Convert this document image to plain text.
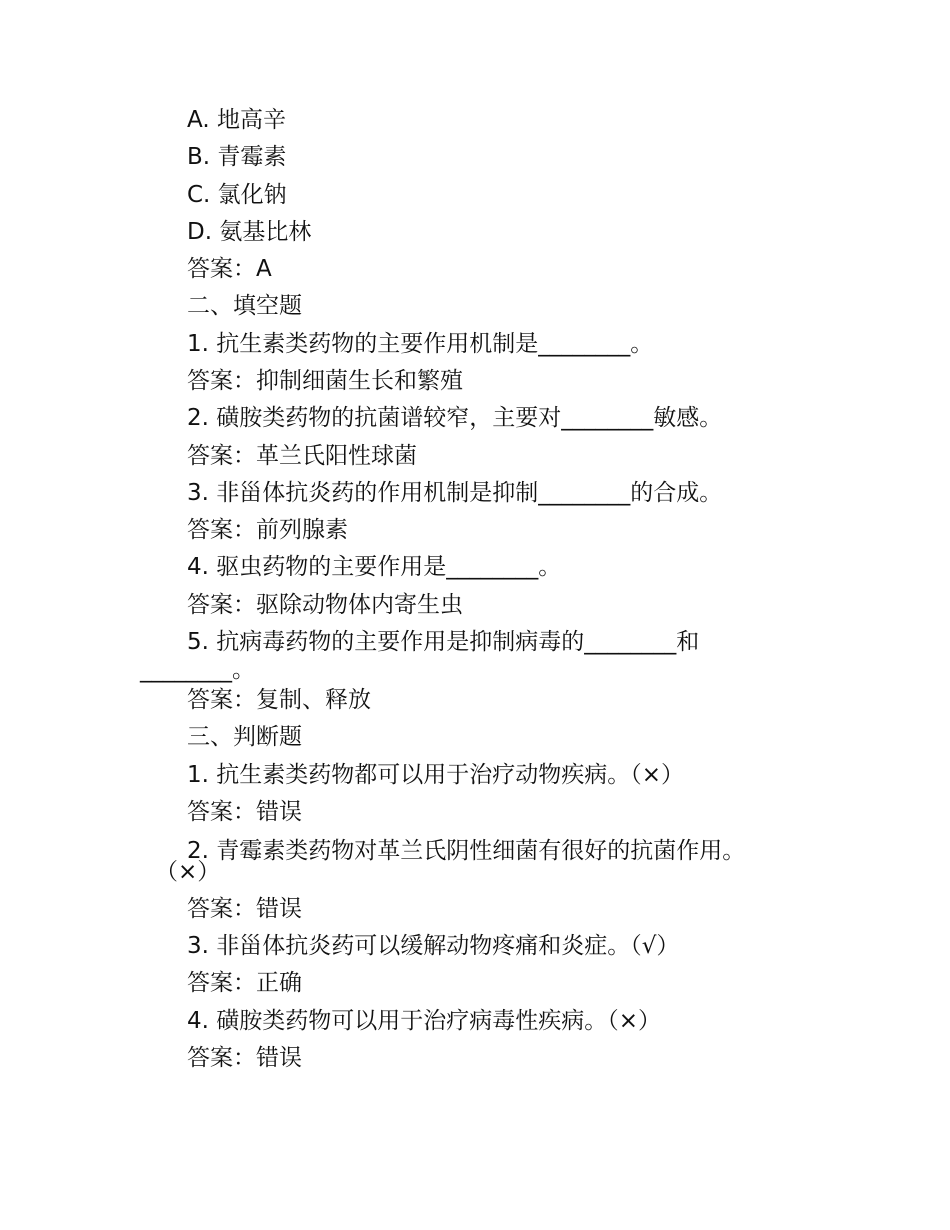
A. 地高辛
B. 青霉素
C. 氯化钠
D. 氨基比林
答案：A
二、填空题
1. 抗生素类药物的主要作用机制是________。
答案：抑制细菌生长和繁殖
2. 磺胺类药物的抗菌谱较窄，主要对________敏感。
答案：革兰氏阳性球菌
3. 非甾体抗炎药的作用机制是抑制________的合成。
答案：前列腺素
4. 驱虫药物的主要作用是________。
答案：驱除动物体内寄生虫
5. 抗病毒药物的主要作用是抑制病毒的________和
________。
答案：复制、释放
三、判断题
1. 抗生素类药物都可以用于治疗动物疾病。（×）
答案：错误
2. 青霉素类药物对革兰氏阴性细菌有很好的抗菌作用。
（×）
答案：错误
3. 非甾体抗炎药可以缓解动物疼痛和炎症。（√）
答案：正确
4. 磺胺类药物可以用于治疗病毒性疾病。（×）
答案：错误
